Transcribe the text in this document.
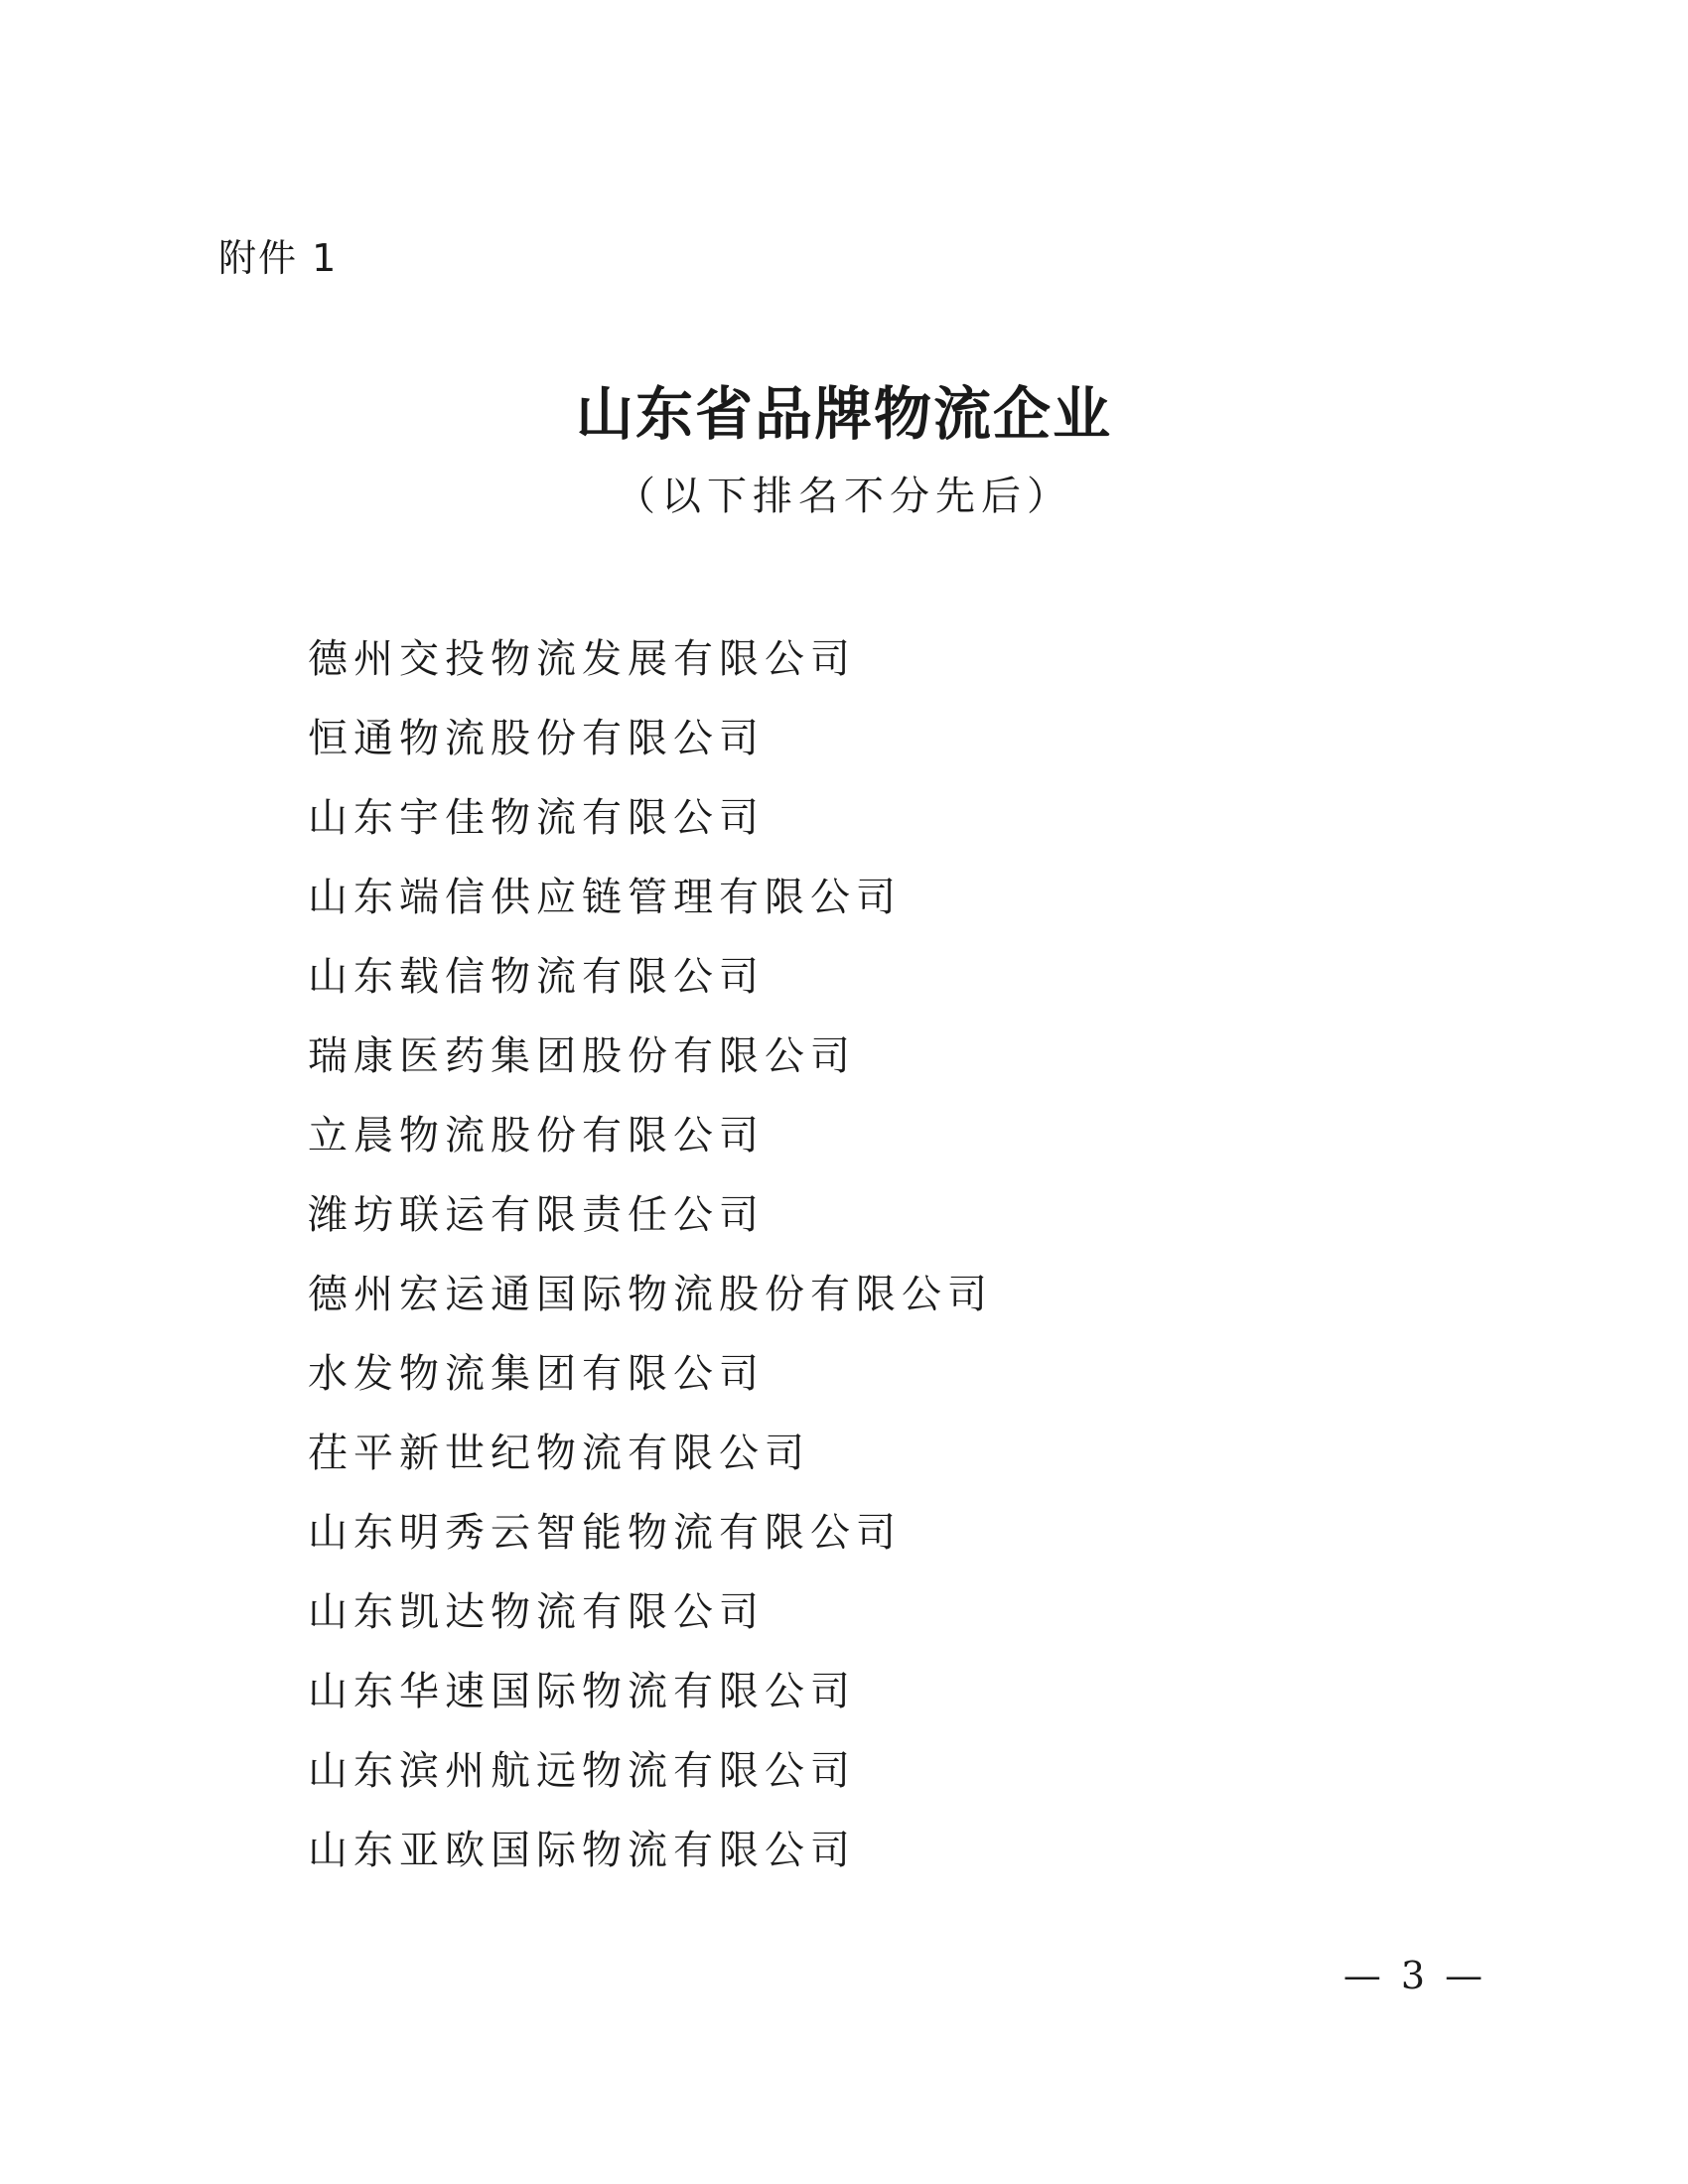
附件 1
山东省品牌物流企业
（以下排名不分先后）
德州交投物流发展有限公司
恒通物流股份有限公司
山东宇佳物流有限公司
山东端信供应链管理有限公司
山东载信物流有限公司
瑞康医药集团股份有限公司
立晨物流股份有限公司
潍坊联运有限责任公司
德州宏运通国际物流股份有限公司
水发物流集团有限公司
茌平新世纪物流有限公司
山东明秀云智能物流有限公司
山东凯达物流有限公司
山东华速国际物流有限公司
山东滨州航远物流有限公司
山东亚欧国际物流有限公司
— 3 —
